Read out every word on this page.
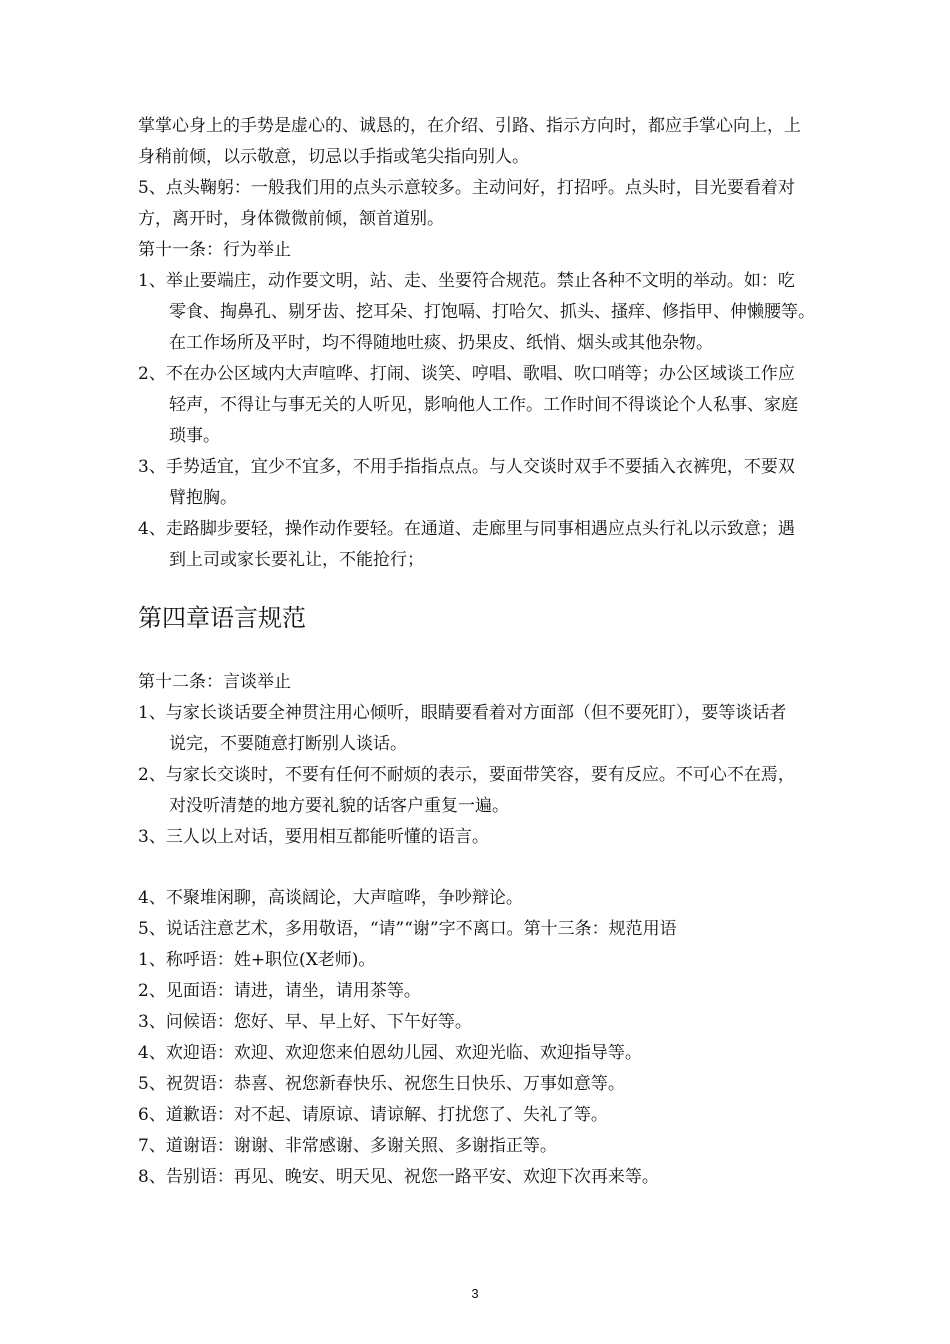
掌掌心身上的手势是虚心的、诚恳的，在介绍、引路、指示方向时，都应手掌心向上，上
身稍前倾，以示敬意，切忌以手指或笔尖指向别人。
5、点头鞠躬：一般我们用的点头示意较多。主动问好，打招呼。点头时，目光要看着对
方，离开时，身体微微前倾，颔首道别。
第十一条：行为举止
1、举止要端庄，动作要文明，站、走、坐要符合规范。禁止各种不文明的举动。如：吃
零食、掏鼻孔、剔牙齿、挖耳朵、打饱嗝、打哈欠、抓头、搔痒、修指甲、伸懒腰等。
在工作场所及平时，均不得随地吐痰、扔果皮、纸悄、烟头或其他杂物。
2、不在办公区域内大声喧哗、打闹、谈笑、哼唱、歌唱、吹口哨等；办公区域谈工作应
轻声，不得让与事无关的人听见，影响他人工作。工作时间不得谈论个人私事、家庭
琐事。
3、手势适宜，宜少不宜多，不用手指指点点。与人交谈时双手不要插入衣裤兜，不要双
臂抱胸。
4、走路脚步要轻，操作动作要轻。在通道、走廊里与同事相遇应点头行礼以示致意；遇
到上司或家长要礼让，不能抢行；
第四章语言规范
第十二条：言谈举止
1、与家长谈话要全神贯注用心倾听，眼睛要看着对方面部（但不要死盯），要等谈话者
说完，不要随意打断别人谈话。
2、与家长交谈时，不要有任何不耐烦的表示，要面带笑容，要有反应。不可心不在焉，
对没听清楚的地方要礼貌的话客户重复一遍。
3、三人以上对话，要用相互都能听懂的语言。
4、不聚堆闲聊，高谈阔论，大声喧哗，争吵辩论。
5、说话注意艺术，多用敬语，“请”“谢”字不离口。第十三条：规范用语
1、称呼语：姓+职位(X老师)。
2、见面语：请进，请坐，请用茶等。
3、问候语：您好、早、早上好、下午好等。
4、欢迎语：欢迎、欢迎您来伯恩幼儿园、欢迎光临、欢迎指导等。
5、祝贺语：恭喜、祝您新春快乐、祝您生日快乐、万事如意等。
6、道歉语：对不起、请原谅、请谅解、打扰您了、失礼了等。
7、道谢语：谢谢、非常感谢、多谢关照、多谢指正等。
8、告别语：再见、晚安、明天见、祝您一路平安、欢迎下次再来等。
3
